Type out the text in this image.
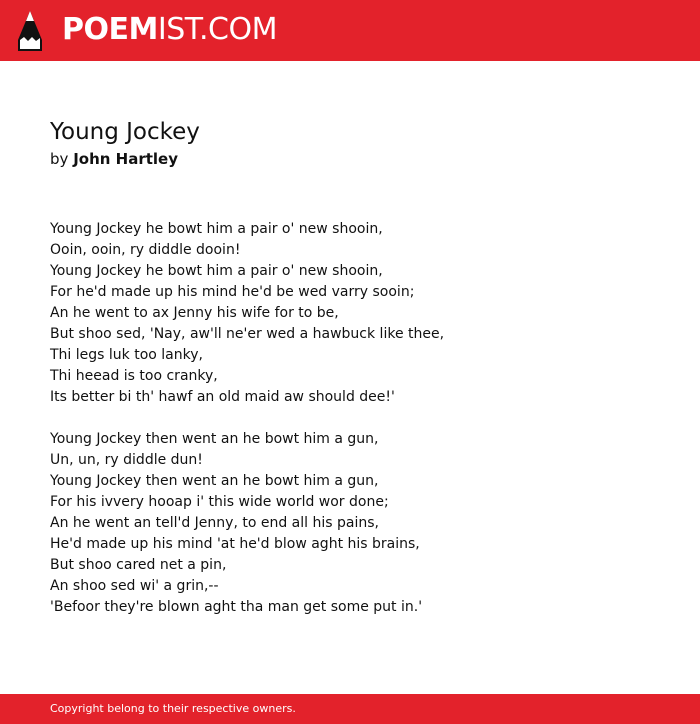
POEMIST.COM
Young Jockey
by John Hartley
Young Jockey he bowt him a pair o' new shooin,
Ooin, ooin, ry diddle dooin!
Young Jockey he bowt him a pair o' new shooin,
For he'd made up his mind he'd be wed varry sooin;
An he went to ax Jenny his wife for to be,
But shoo sed, 'Nay, aw'll ne'er wed a hawbuck like thee,
Thi legs luk too lanky,
Thi heead is too cranky,
Its better bi th' hawf an old maid aw should dee!'
Young Jockey then went an he bowt him a gun,
Un, un, ry diddle dun!
Young Jockey then went an he bowt him a gun,
For his ivvery hooap i' this wide world wor done;
An he went an tell'd Jenny, to end all his pains,
He'd made up his mind 'at he'd blow aght his brains,
But shoo cared net a pin,
An shoo sed wi' a grin,--
'Befoor they're blown aght tha man get some put in.'
Copyright belong to their respective owners.
